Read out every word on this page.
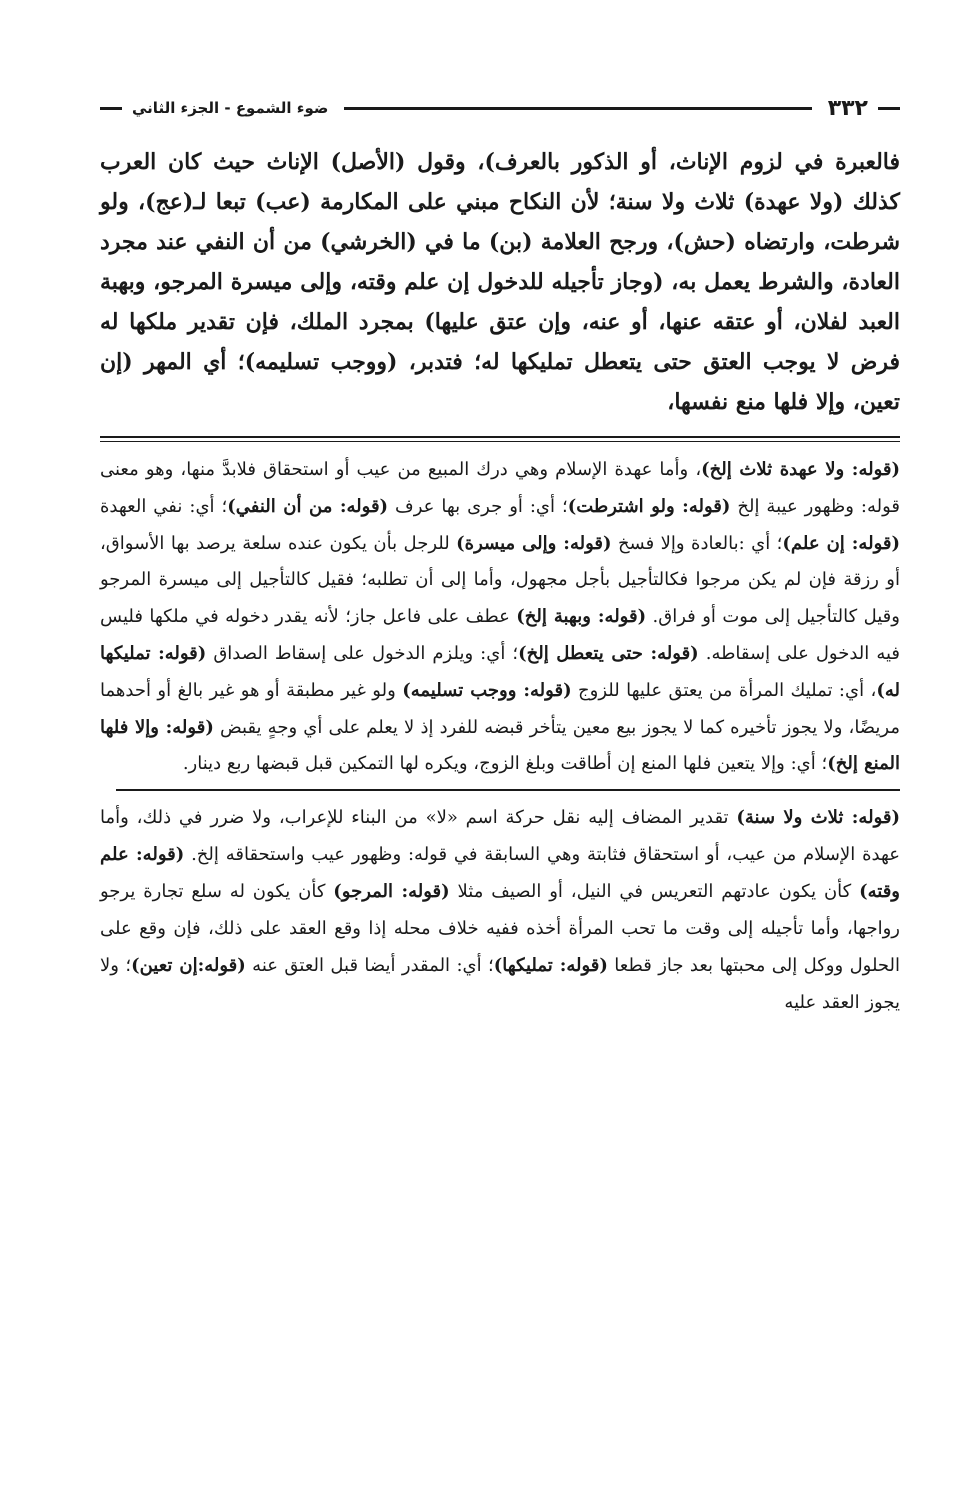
٣٣٢
ضوء الشموع - الجزء الثاني

فالعبرة في لزوم الإناث، أو الذكور بالعرف)، وقول (الأصل) الإناث حيث كان العرب كذلك (ولا عهدة) ثلاث ولا سنة؛ لأن النكاح مبني على المكارمة (عب) تبعا لـ(عج)، ولو شرطت، وارتضاه (حش)، ورجح العلامة (بن) ما في (الخرشي) من أن النفي عند مجرد العادة، والشرط يعمل به، (وجاز تأجيله للدخول إن علم وقته، وإلى ميسرة المرجو، وبهبة العبد لفلان، أو عتقه عنها، أو عنه، وإن عتق عليها) بمجرد الملك، فإن تقدير ملكها له فرض لا يوجب العتق حتى يتعطل تمليكها له؛ فتدبر، (ووجب تسليمه)؛ أي المهر (إن تعين، وإلا فلها منع نفسها،

(قوله: ولا عهدة ثلاث إلخ)، وأما عهدة الإسلام وهي درك المبيع من عيب أو استحقاق فلابدَّ منها، وهو معنى قوله: وظهور عيبة إلخ (قوله: ولو اشترطت)؛ أي: أو جرى بها عرف (قوله: من أن النفي)؛ أي: نفي العهدة (قوله: إن علم)؛ أي :بالعادة وإلا فسخ (قوله: وإلى ميسرة) للرجل بأن يكون عنده سلعة يرصد بها الأسواق، أو رزقة فإن لم يكن مرجوا فكالتأجيل بأجل مجهول، وأما إلى أن تطلبه؛ فقيل كالتأجيل إلى ميسرة المرجو وقيل كالتأجيل إلى موت أو فراق. (قوله: وبهبة إلخ) عطف على فاعل جاز؛ لأنه يقدر دخوله في ملكها فليس فيه الدخول على إسقاطه. (قوله: حتى يتعطل إلخ)؛ أي: ويلزم الدخول على إسقاط الصداق (قوله: تمليكها له)، أي: تمليك المرأة من يعتق عليها للزوج (قوله: ووجب تسليمه) ولو غير مطبقة أو هو غير بالغ أو أحدهما مريضًا، ولا يجوز تأخيره كما لا يجوز بيع معين يتأخر قبضه للفرد إذ لا يعلم على أي وجهٍ يقبض (قوله: وإلا فلها المنع إلخ)؛ أي: وإلا يتعين فلها المنع إن أطاقت وبلغ الزوج، ويكره لها التمكين قبل قبضها ربع دينار.

(قوله: ثلاث ولا سنة) تقدير المضاف إليه نقل حركة اسم «لا» من البناء للإعراب، ولا ضرر في ذلك، وأما عهدة الإسلام من عيب، أو استحقاق فثابتة وهي السابقة في قوله: وظهور عيب واستحقاقه إلخ. (قوله: علم وقته) كأن يكون عادتهم التعريس في النيل، أو الصيف مثلا (قوله: المرجو) كأن يكون له سلع تجارة يرجو رواجها، وأما تأجيله إلى وقت ما تحب المرأة أخذه ففيه خلاف محله إذا وقع العقد على ذلك، فإن وقع على الحلول ووكل إلى محبتها بعد جاز قطعا (قوله: تمليكها)؛ أي: المقدر أيضا قبل العتق عنه (قوله:إن تعين)؛ ولا يجوز العقد عليه
